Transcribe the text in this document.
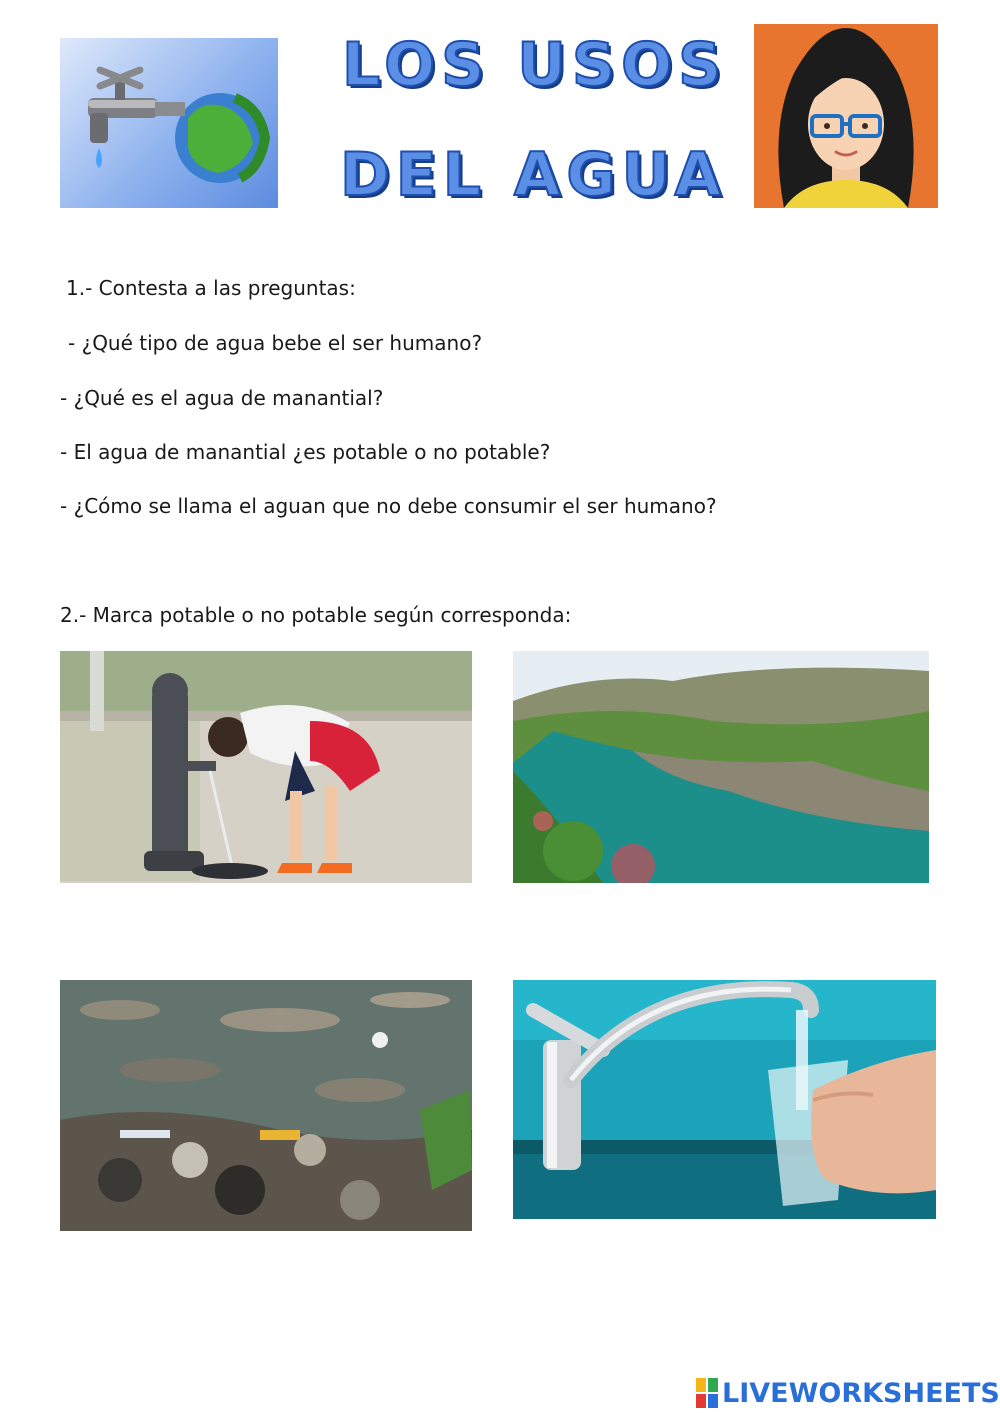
LOS USOS
DEL AGUA
1.- Contesta a las preguntas:
- ¿Qué tipo de agua bebe el ser humano?
- ¿Qué es el agua de manantial?
- El agua de manantial ¿es potable o no potable?
- ¿Cómo se llama el aguan que no debe consumir el ser humano?
2.- Marca potable o no potable según corresponda:
LIVEWORKSHEETS
